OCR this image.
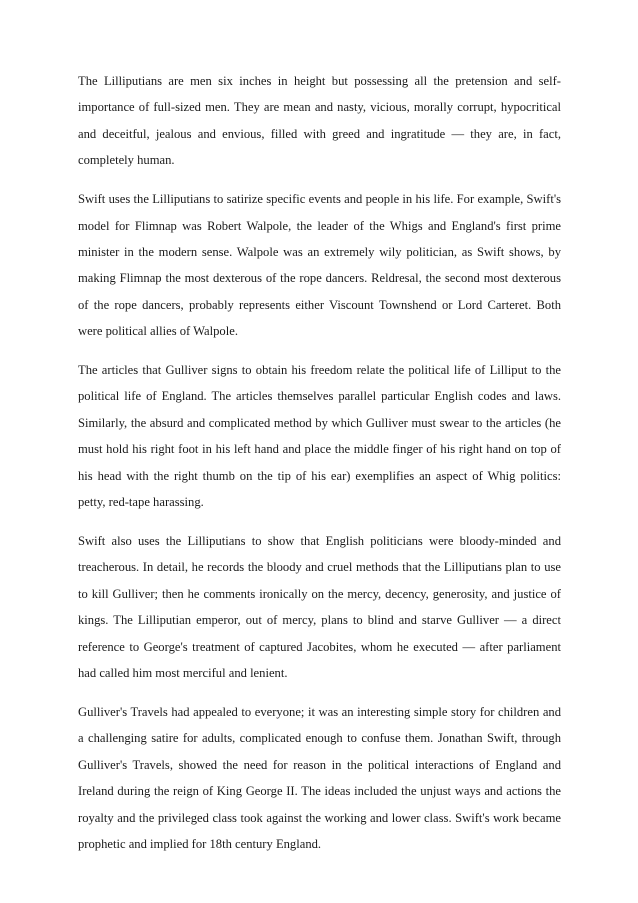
The Lilliputians are men six inches in height but possessing all the pretension and self-importance of full-sized men. They are mean and nasty, vicious, morally corrupt, hypocritical and deceitful, jealous and envious, filled with greed and ingratitude — they are, in fact, completely human.

Swift uses the Lilliputians to satirize specific events and people in his life. For example, Swift's model for Flimnap was Robert Walpole, the leader of the Whigs and England's first prime minister in the modern sense. Walpole was an extremely wily politician, as Swift shows, by making Flimnap the most dexterous of the rope dancers. Reldresal, the second most dexterous of the rope dancers, probably represents either Viscount Townshend or Lord Carteret. Both were political allies of Walpole.

The articles that Gulliver signs to obtain his freedom relate the political life of Lilliput to the political life of England. The articles themselves parallel particular English codes and laws. Similarly, the absurd and complicated method by which Gulliver must swear to the articles (he must hold his right foot in his left hand and place the middle finger of his right hand on top of his head with the right thumb on the tip of his ear) exemplifies an aspect of Whig politics: petty, red-tape harassing.

Swift also uses the Lilliputians to show that English politicians were bloody-minded and treacherous. In detail, he records the bloody and cruel methods that the Lilliputians plan to use to kill Gulliver; then he comments ironically on the mercy, decency, generosity, and justice of kings. The Lilliputian emperor, out of mercy, plans to blind and starve Gulliver — a direct reference to George's treatment of captured Jacobites, whom he executed — after parliament had called him most merciful and lenient.

Gulliver's Travels had appealed to everyone; it was an interesting simple story for children and a challenging satire for adults, complicated enough to confuse them. Jonathan Swift, through Gulliver's Travels, showed the need for reason in the political interactions of England and Ireland during the reign of King George II. The ideas included the unjust ways and actions the royalty and the privileged class took against the working and lower class. Swift's work became prophetic and implied for 18th century England.
